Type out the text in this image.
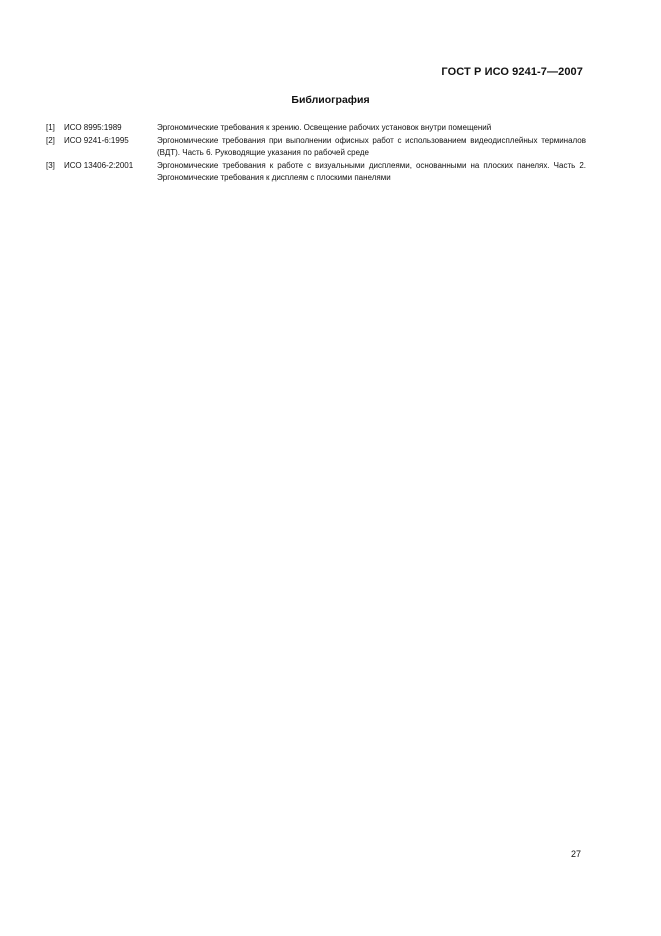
ГОСТ Р ИСО 9241-7—2007
Библиография
[1]	ИСО 8995:1989	Эргономические требования к зрению. Освещение рабочих установок внутри помещений
[2]	ИСО 9241-6:1995	Эргономические требования при выполнении офисных работ с использованием видеодисплейных терминалов (ВДТ). Часть 6. Руководящие указания по рабочей среде
[3]	ИСО 13406-2:2001	Эргономические требования к работе с визуальными дисплеями, основанными на плоских панелях. Часть 2. Эргономические требования к дисплеям с плоскими панелями
27
